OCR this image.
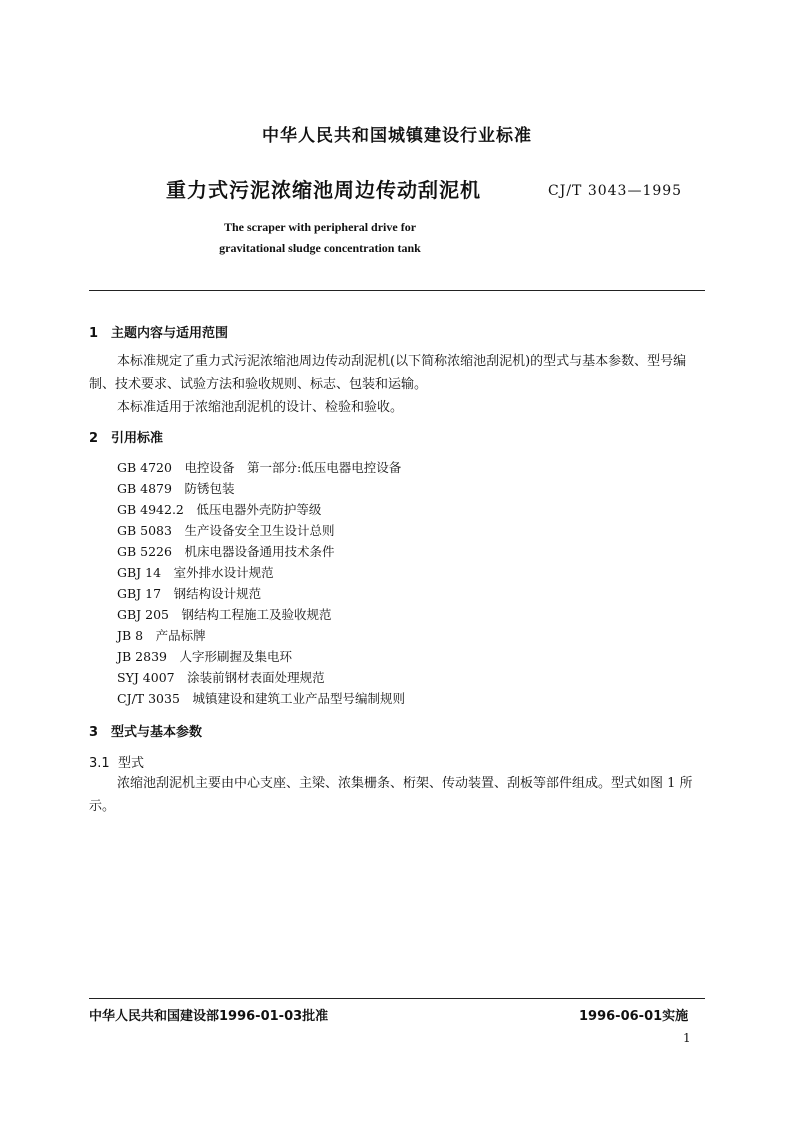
中华人民共和国城镇建设行业标准
重力式污泥浓缩池周边传动刮泥机	CJ/T 3043—1995
The scraper with peripheral drive for
gravitational sludge concentration tank
1 主题内容与适用范围
本标准规定了重力式污泥浓缩池周边传动刮泥机(以下简称浓缩池刮泥机)的型式与基本参数、型号编制、技术要求、试验方法和验收规则、标志、包装和运输。
本标准适用于浓缩池刮泥机的设计、检验和验收。
2 引用标准
GB 4720　 电控设备　第一部分:低压电器电控设备
GB 4879　 防锈包装
GB 4942.2　 低压电器外壳防护等级
GB 5083　 生产设备安全卫生设计总则
GB 5226　 机床电器设备通用技术条件
GBJ 14　 室外排水设计规范
GBJ 17　 钢结构设计规范
GBJ 205　 钢结构工程施工及验收规范
JB 8　 产品标牌
JB 2839　 人字形刷握及集电环
SYJ 4007　 涂装前钢材表面处理规范
CJ/T 3035　 城镇建设和建筑工业产品型号编制规则
3 型式与基本参数
3.1 型式
浓缩池刮泥机主要由中心支座、主梁、浓集栅条、桁架、传动装置、刮板等部件组成。型式如图 1 所示。
中华人民共和国建设部1996-01-03批准	1996-06-01实施
1
